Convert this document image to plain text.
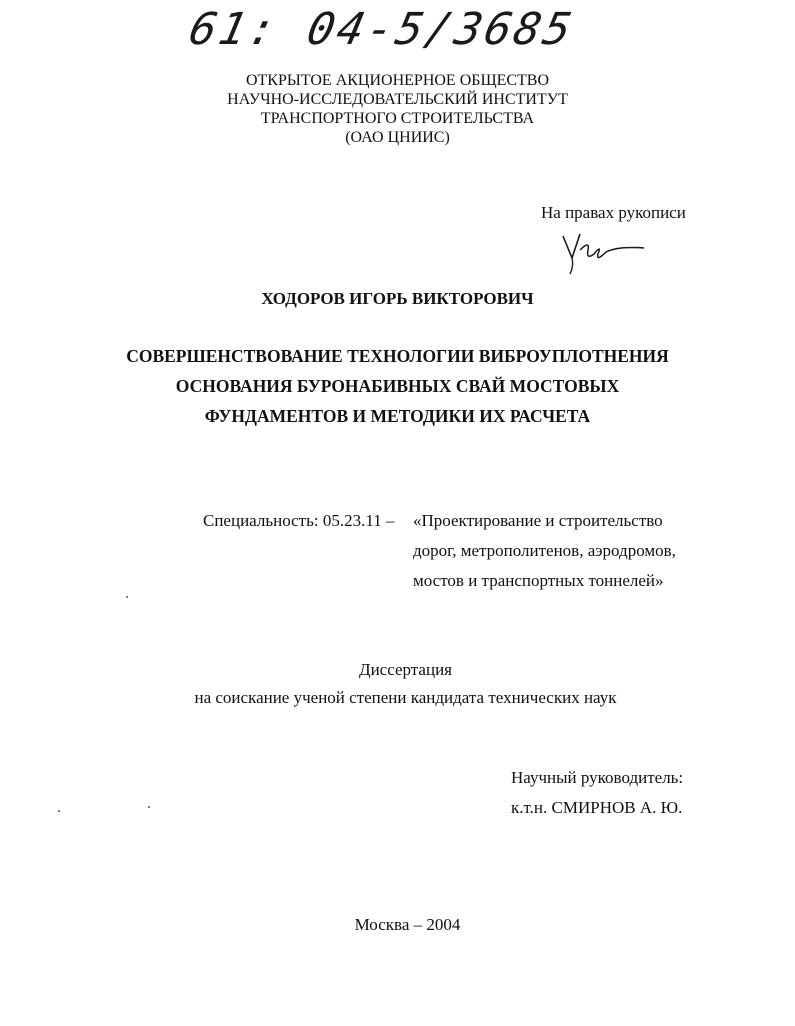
61: 04-5/3685
ОТКРЫТОЕ АКЦИОНЕРНОЕ ОБЩЕСТВО
НАУЧНО-ИССЛЕДОВАТЕЛЬСКИЙ ИНСТИТУТ
ТРАНСПОРТНОГО СТРОИТЕЛЬСТВА
(ОАО ЦНИИС)
На правах рукописи
ХОДОРОВ ИГОРЬ ВИКТОРОВИЧ
СОВЕРШЕНСТВОВАНИЕ ТЕХНОЛОГИИ ВИБРОУПЛОТНЕНИЯ
ОСНОВАНИЯ БУРОНАБИВНЫХ СВАЙ МОСТОВЫХ
ФУНДАМЕНТОВ И МЕТОДИКИ ИХ РАСЧЕТА
Специальность: 05.23.11 – «Проектирование и строительство
дорог, метрополитенов, аэродромов,
мостов и транспортных тоннелей»
Диссертация
на соискание ученой степени кандидата технических наук
Научный руководитель:
к.т.н. СМИРНОВ А. Ю.
Москва – 2004
